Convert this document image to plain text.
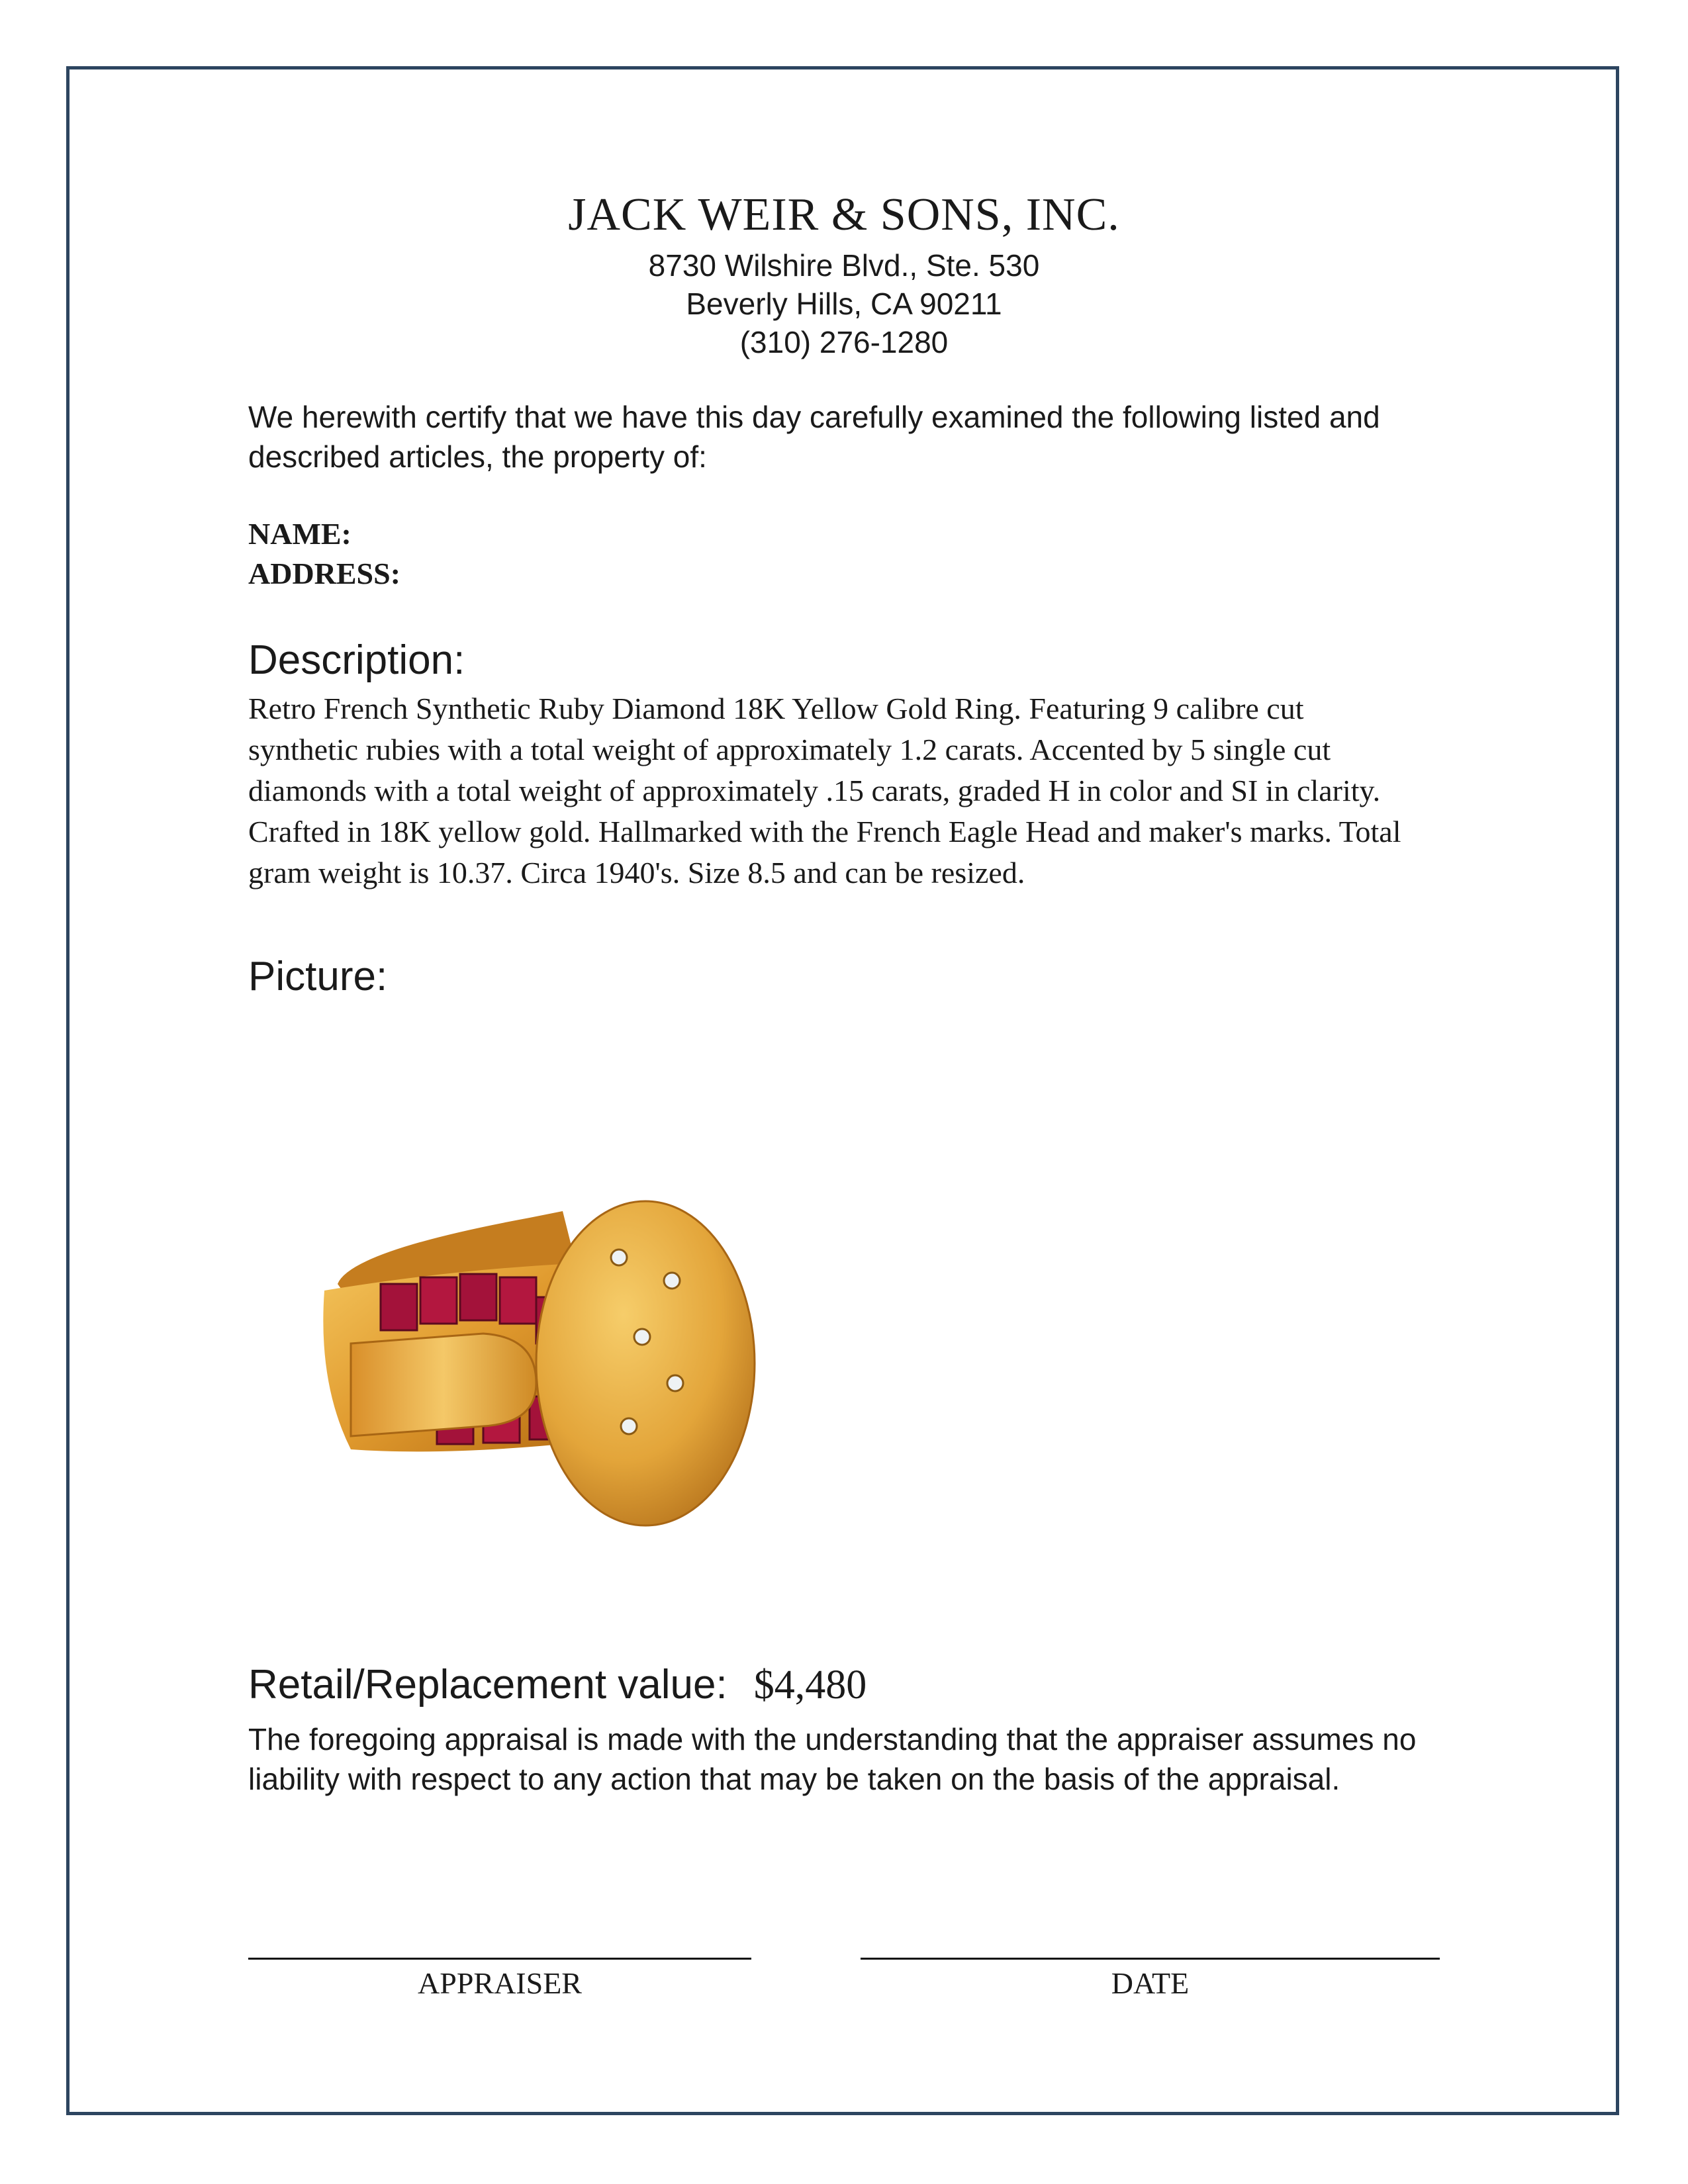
JACK WEIR & SONS, INC.
8730 Wilshire Blvd., Ste. 530
Beverly Hills, CA 90211
(310) 276-1280
We herewith certify that we have this day carefully examined the following listed and described articles, the property of:
NAME:
ADDRESS:
Description:
Retro French Synthetic Ruby Diamond 18K Yellow Gold Ring. Featuring 9 calibre cut synthetic rubies with a total weight of approximately 1.2 carats. Accented by 5 single cut diamonds with a total weight of approximately .15 carats, graded H in color and SI in clarity. Crafted in 18K yellow gold. Hallmarked with the French Eagle Head and maker's marks. Total gram weight is 10.37. Circa 1940's. Size 8.5 and can be resized.
Picture:
Retail/Replacement value: $4,480
The foregoing appraisal is made with the understanding that the appraiser assumes no liability with respect to any action that may be taken on the basis of the appraisal.
APPRAISER	DATE
